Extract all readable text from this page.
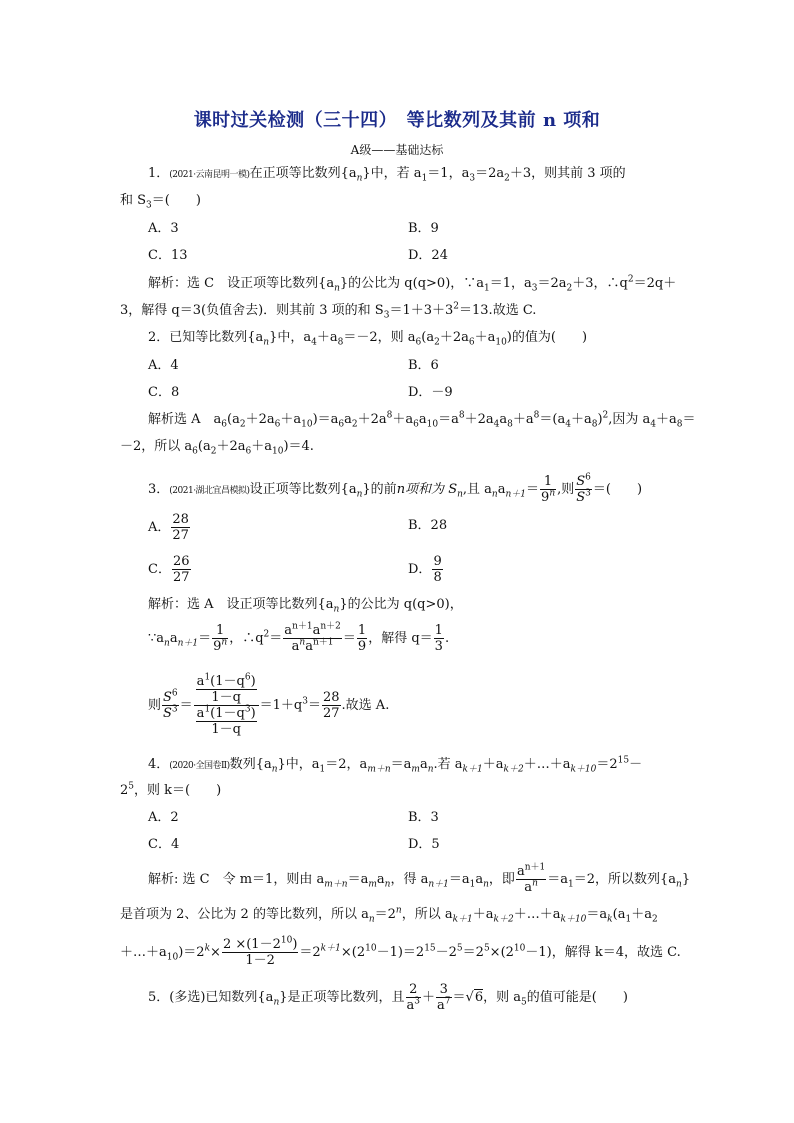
课时过关检测（三十四）　等比数列及其前 n 项和
A级——基础达标
1．(2021·云南昆明一模)在正项等比数列$\{a_n\}$中，若 $a_1=1$，$a_3=2a_2+3$，则其前 3 项的
和 $S_3=$(　　)
A．3	B．9
C．13	D．24
解析：选 C　设正项等比数列$\{a_n\}$的公比为 q(q>0)，$\because a_1=1$，$a_3=2a_2+3$，$\therefore q^2=2q+$
3，解得 q＝3(负值舍去)．则其前 3 项的和 $S_3=1+3+3^2=13$.故选 C.
2．已知等比数列$\{a_n\}$中，$a_4+a_8=-2$，则 $a_6(a_2+2a_6+a_{10})$的值为(　　)
A．4	B．6
C．8	D．－9
解析选 A　$a_6(a_2+2a_6+a_{10})=a_6a_2+2a^8+a_6a_{10}=a^8+2a_4a_8+a^8=(a_4+a_8)^2$,因为 $a_4+a_8=$
－2，所以 $a_6(a_2+2a_6+a_{10})=4$.
3．(2021·湖北宜昌模拟)设正项等比数列$\{a_n\}$的前n项和为 $S_n$,且 $a_na_{n+1}= \frac{1}{9^n}$ ,则 $\frac{S^6}{S^3}$ ＝(　　)
A． $\frac{28}{27}$	B．28
C． $\frac{26}{27}$	D． $\frac{9}{8}$
解析：选 A　设正项等比数列$\{a_n\}$的公比为 q(q>0)，
$\because a_na_{n+1}= \frac{1}{9^n}$ ，$\therefore q^2= \frac{a^{n+1}a^{n+2}}{a^na^{n+1}} = \frac{1}{9}$ ，解得 $q= \frac{1}{3}$ .
则 $\frac{S^6}{S^3} = \frac{\frac{a^1(1-q^6)}{1-q}}{\frac{a^1(1-q^3)}{1-q}} =1+q^3= \frac{28}{27}$ .故选 A.
4．(2020·全国卷Ⅱ)数列$\{a_n\}$中，$a_1=2$，$a_{m+n}=a_ma_n$.若 $a_{k+1}+a_{k+2}+\dots+a_{k+10}=2^{15}-$
$2^5$，则 k＝(　　)
A．2	B．3
C．4	D．5
解析: 选 C　令 m＝1，则由 $a_{m+n}=a_ma_n$，得 $a_{n+1}=a_1a_n$，即 $\frac{a^{n+1}}{a^n} =a_1=2$，所以数列$\{a_n\}$
是首项为 2、公比为 2 的等比数列，所以 $a_n=2^n$，所以 $a_{k+1}+a_{k+2}+\dots+a_{k+10}=a_k(a_1+a_2$
$+\dots+a_{10})=2^k\times \frac{2 \times(1-2^{10})}{1-2} =2^{k+1}\times(2^{10}-1)=2^{15}-2^5=2^5\times(2^{10}-1)$，解得 k＝4，故选 C.
5．(多选)已知数列$\{a_n\}$是正项等比数列，且 $\frac{2}{a^3} + \frac{3}{a^7} =√6$，则 $a_5$的值可能是(　　)
